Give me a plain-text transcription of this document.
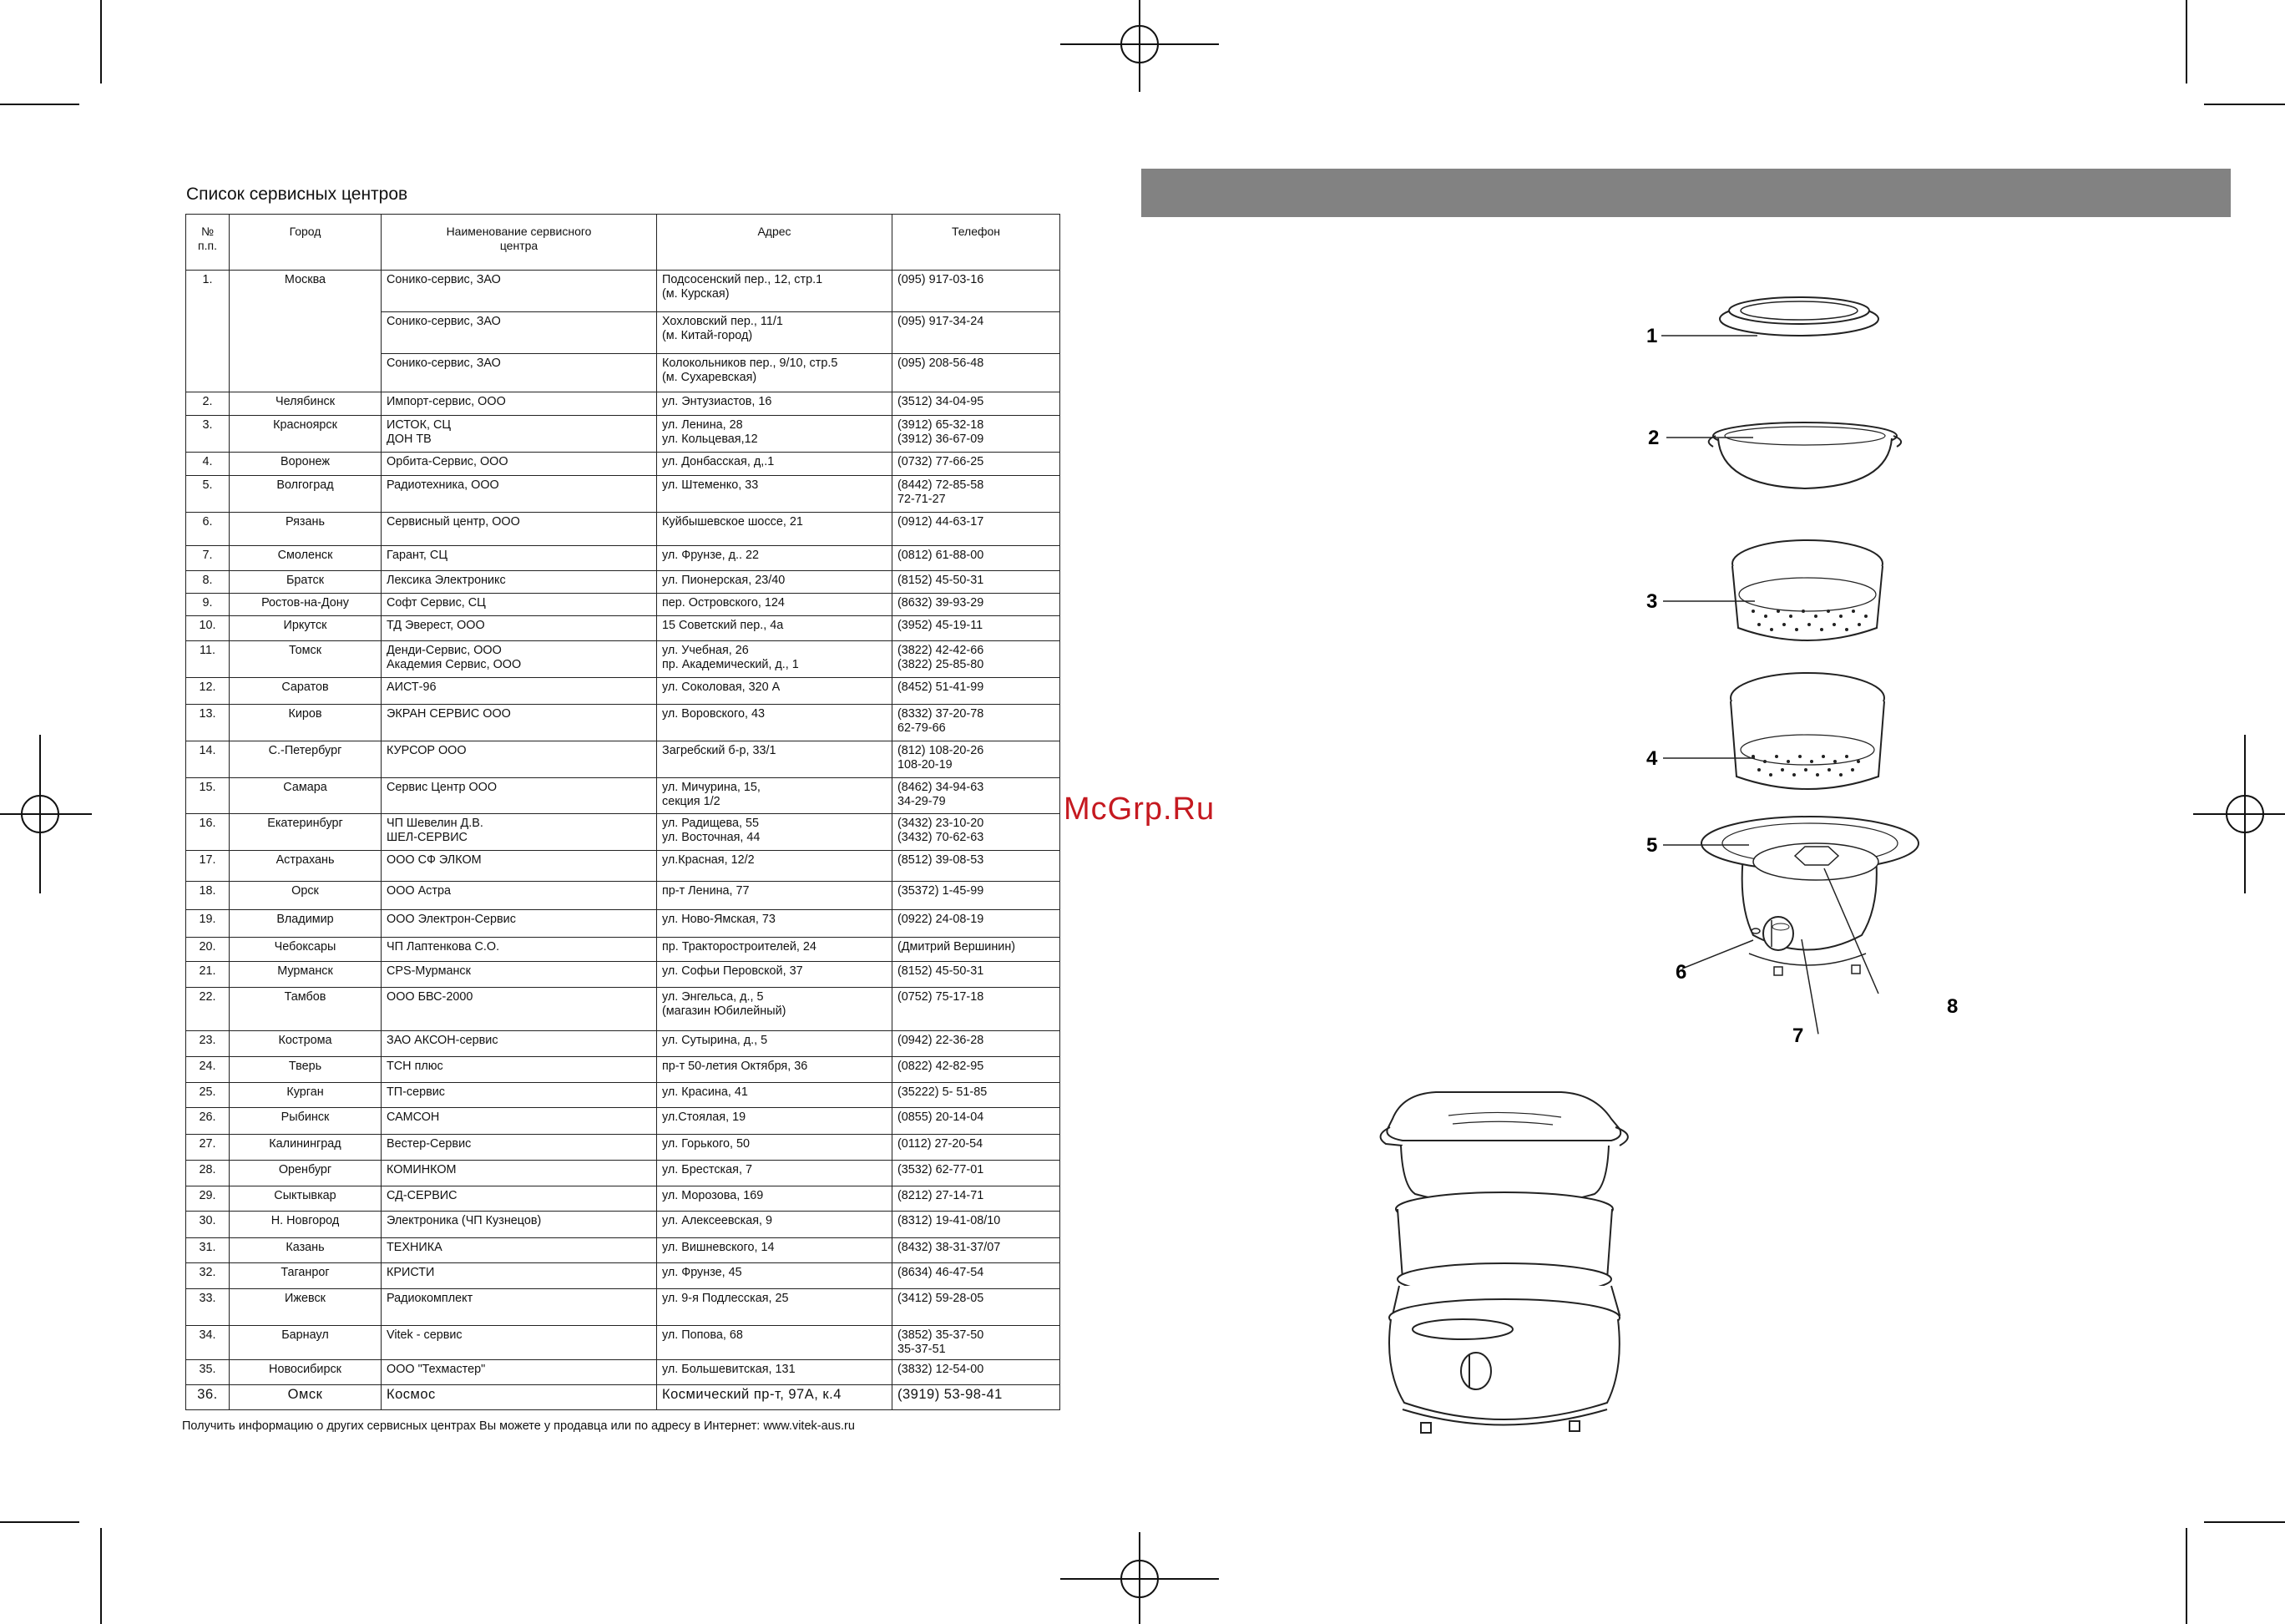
Список сервисных центров
№
п.п.	Город	Наименование сервисного
центра	Адрес	Телефон
1.	Москва	Сонико-сервис, ЗАО	Подсосенский пер., 12, стр.1
(м. Курская)	(095) 917-03-16
		Сонико-сервис, ЗАО	Хохловский пер., 11/1
(м. Китай-город)	(095) 917-34-24
		Сонико-сервис, ЗАО	Колокольников пер., 9/10, стр.5
(м. Сухаревская)	(095) 208-56-48
2.	Челябинск	Импорт-сервис, ООО	ул. Энтузиастов, 16	(3512) 34-04-95
3.	Красноярск	ИСТОК, СЦ
ДОН ТВ	ул. Ленина, 28
ул. Кольцевая,12	(3912) 65-32-18
(3912) 36-67-09
4.	Воронеж	Орбита-Сервис, ООО	ул. Донбасская, д,.1	(0732) 77-66-25
5.	Волгоград	Радиотехника, ООО	ул. Штеменко, 33	(8442) 72-85-58
72-71-27
6.	Рязань	Сервисный центр, ООО	Куйбышевское шоссе, 21	(0912) 44-63-17
7.	Смоленск	Гарант, СЦ	ул. Фрунзе, д.. 22	(0812) 61-88-00
8.	Братск	Лексика Электроникс	ул. Пионерская, 23/40	(8152) 45-50-31
9.	Ростов-на-Дону	Софт Сервис, СЦ	пер. Островского, 124	(8632) 39-93-29
10.	Иркутск	ТД Эверест, ООО	15 Советский пер., 4а	(3952) 45-19-11
11.	Томск	Денди-Сервис, ООО
Академия Сервис, ООО	ул. Учебная, 26
пр. Академический, д., 1	(3822) 42-42-66
(3822) 25-85-80
12.	Саратов	АИСТ-96	ул. Соколовая, 320 А	(8452) 51-41-99
13.	Киров	ЭКРАН СЕРВИС ООО	ул. Воровского, 43	(8332) 37-20-78
62-79-66
14.	С.-Петербург	КУРСОР ООО	Загребский б-р, 33/1	(812) 108-20-26
108-20-19
15.	Самара	Сервис Центр ООО	ул. Мичурина, 15,
секция 1/2	(8462) 34-94-63
34-29-79
16.	Екатеринбург	ЧП Шевелин Д.В.
ШЕЛ-СЕРВИС	ул. Радищева, 55
ул. Восточная, 44	(3432) 23-10-20
(3432) 70-62-63
17.	Астрахань	ООО СФ ЭЛКОМ	ул.Красная, 12/2	(8512) 39-08-53
18.	Орск	ООО Астра	пр-т Ленина, 77	(35372) 1-45-99
19.	Владимир	ООО Электрон-Сервис	ул. Ново-Ямская, 73	(0922) 24-08-19
20.	Чебоксары	ЧП Лаптенкова С.О.	пр. Тракторостроителей, 24	(Дмитрий Вершинин)
21.	Мурманск	CPS-Мурманск	ул. Софьи Перовской, 37	(8152) 45-50-31
22.	Тамбов	ООО БВС-2000	ул. Энгельса, д., 5
(магазин Юбилейный)	(0752) 75-17-18
23.	Кострома	ЗАО АКСОН-сервис	ул. Сутырина, д., 5	(0942) 22-36-28
24.	Тверь	ТСН плюс	пр-т 50-летия Октября, 36	(0822) 42-82-95
25.	Курган	ТП-сервис	ул. Красина, 41	(35222) 5- 51-85
26.	Рыбинск	САМСОН	ул.Стоялая, 19	(0855) 20-14-04
27.	Калининград	Вестер-Сервис	ул. Горького, 50	(0112) 27-20-54
28.	Оренбург	КОМИНКОМ	ул. Брестская, 7	(3532) 62-77-01
29.	Сыктывкар	СД-СЕРВИС	ул. Морозова, 169	(8212) 27-14-71
30.	Н. Новгород	Электроника (ЧП Кузнецов)	ул. Алексеевская, 9	(8312) 19-41-08/10
31.	Казань	ТЕХНИКА	ул. Вишневского, 14	(8432) 38-31-37/07
32.	Таганрог	КРИСТИ	ул. Фрунзе, 45	(8634) 46-47-54
33.	Ижевск	Радиокомплект	ул. 9-я Подлесская, 25	(3412) 59-28-05
34.	Барнаул	Vitek - сервис	ул. Попова, 68	(3852) 35-37-50
35-37-51
35.	Новосибирск	ООО "Техмастер"	ул. Большевитская, 131	(3832) 12-54-00
36.	Омск	Космос	Космический пр-т, 97А, к.4	(3919) 53-98-41
Получить информацию о других сервисных центрах Вы можете у продавца или по адресу в Интернет: www.vitek-aus.ru
McGrp.Ru
1
2
3
4
5
6
7
8
